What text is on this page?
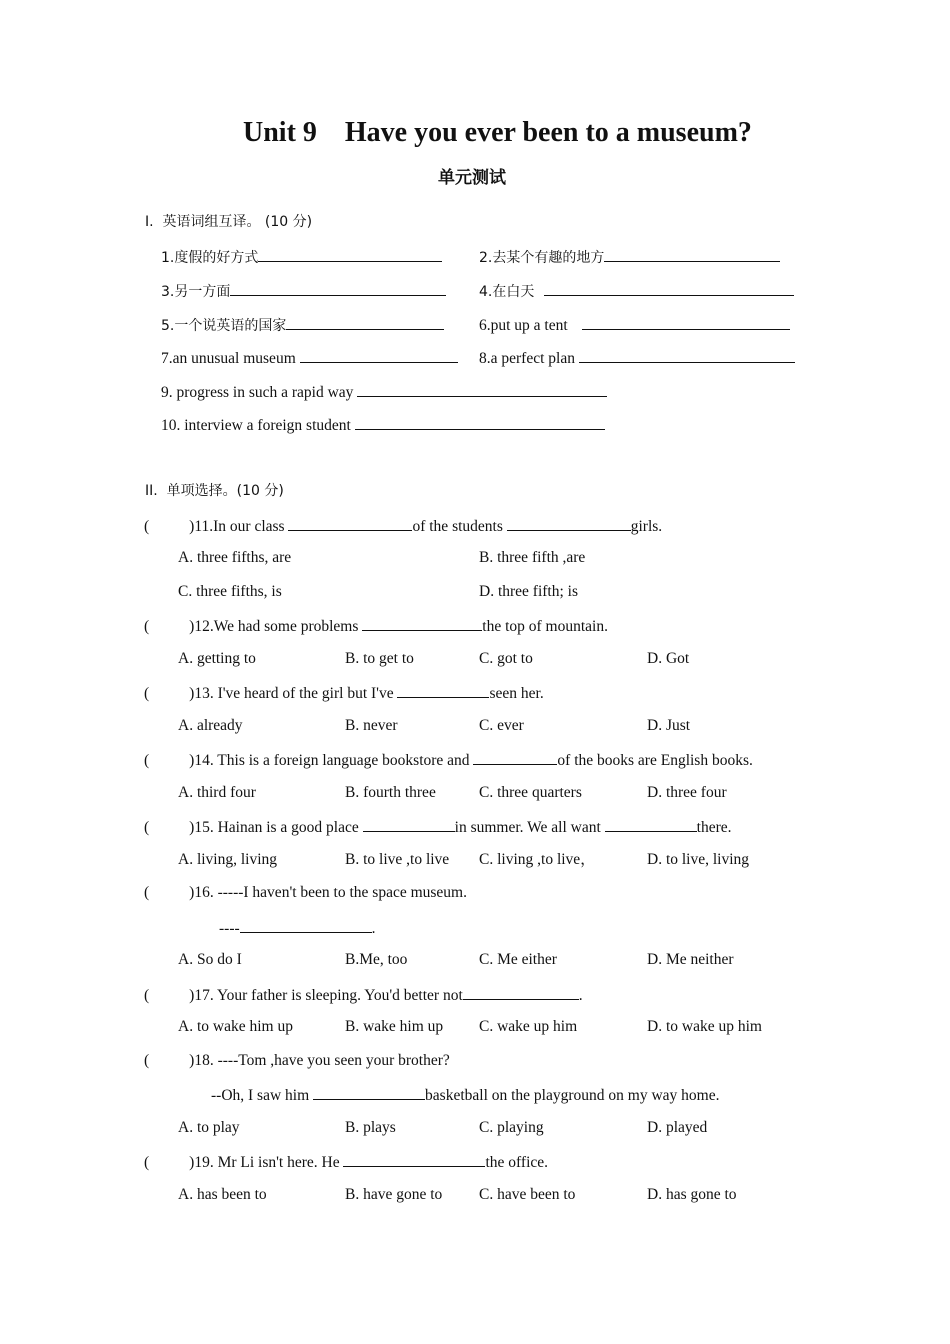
Unit 9　Have you ever been to a museum?
单元测试
I.  英语词组互译。 (10 分)
1.度假的好方式	2.去某个有趣的地方
3.另一方面	4.在白天
5.一个说英语的国家	6.put up a tent
7.an unusual museum	8.a perfect plan
9. progress in such a rapid way
10. interview a foreign student
II.  单项选择。(10 分)
(	)11.In our class	of the students	girls.
A. three fifths, are	B. three fifth ,are
C. three fifths, is	D. three fifth; is
(	)12.We had some problems	the top of mountain.
A. getting to	B. to get to	C. got to	D. Got
(	)13. I've heard of the girl but I've	seen her.
A. already	B. never	C. ever	D. Just
(	)14. This is a foreign language bookstore and	of the books are English books.
A. third four	B. fourth three	C. three quarters	D. three four
(	)15. Hainan is a good place	in summer. We all want	there.
A. living, living	B. to live ,to live C. living ,to live，	D. to live, living
(	)16. -----I haven't been to the space museum.
----	.
A. So do I	B.Me, too	C. Me either	D. Me neither
(	)17. Your father is sleeping. You'd better not	.
A. to wake him up	B. wake him up C. wake up him	D. to wake up him
(	)18. ----Tom ,have you seen your brother?
--Oh, I saw him	basketball on the playground on my way home.
A. to play	B. plays	C. playing	D. played
(	)19. Mr Li isn't here. He	the office.
A. has been to	B. have gone to C. have been to	D. has gone to
